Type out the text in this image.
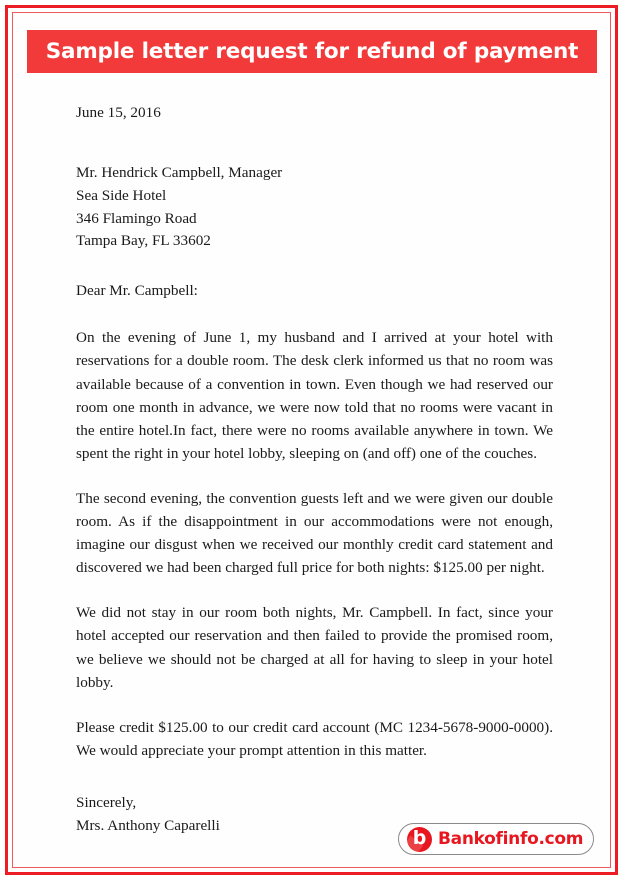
Sample letter request for refund of payment
June 15, 2016
Mr. Hendrick Campbell, Manager
Sea Side Hotel
346 Flamingo Road
Tampa Bay, FL 33602
Dear Mr. Campbell:

On the evening of June 1, my husband and I arrived at your hotel with reservations for a double room. The desk clerk informed us that no room was available because of a convention in town. Even though we had reserved our room one month in advance, we were now told that no rooms were vacant in the entire hotel.In fact, there were no rooms available anywhere in town. We spent the right in your hotel lobby, sleeping on (and off) one of the couches.

The second evening, the convention guests left and we were given our double room. As if the disappointment in our accommodations were not enough, imagine our disgust when we received our monthly credit card statement and discovered we had been charged full price for both nights: $125.00 per night.

We did not stay in our room both nights, Mr. Campbell. In fact, since your hotel accepted our reservation and then failed to provide the promised room, we believe we should not be charged at all for having to sleep in your hotel lobby.

Please credit $125.00 to our credit card account (MC 1234-5678-9000-0000). We would appreciate your prompt attention in this matter.

Sincerely,
Mrs. Anthony Caparelli
b Bankofinfo.com
